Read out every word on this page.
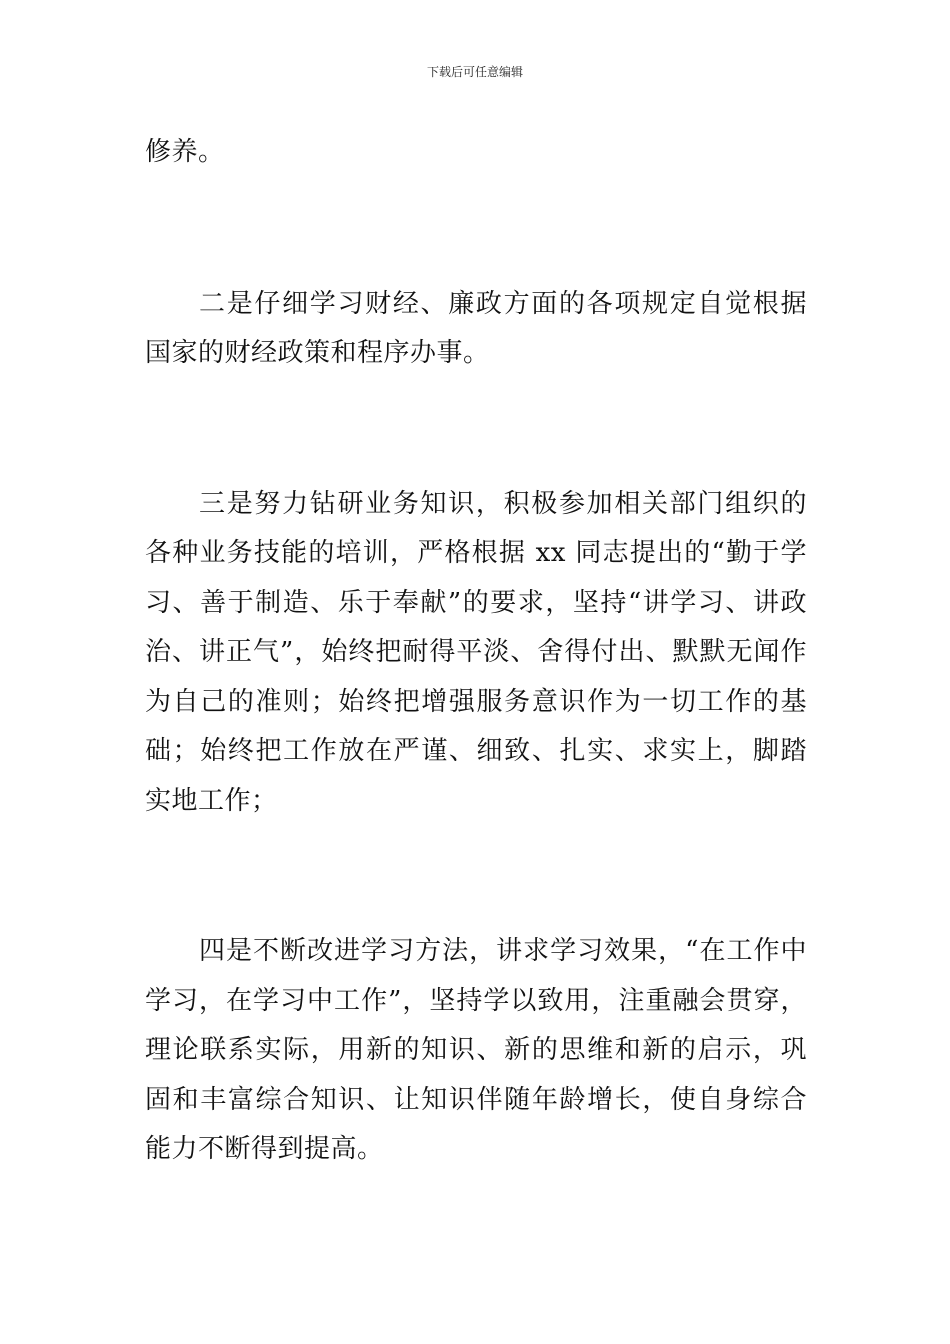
下载后可任意编辑

修养。

二是仔细学习财经、廉政方面的各项规定自觉根据国家的财经政策和程序办事。

三是努力钻研业务知识，积极参加相关部门组织的各种业务技能的培训，严格根据 xx 同志提出的“勤于学习、善于制造、乐于奉献”的要求，坚持“讲学习、讲政治、讲正气”，始终把耐得平淡、舍得付出、默默无闻作为自己的准则；始终把增强服务意识作为一切工作的基础；始终把工作放在严谨、细致、扎实、求实上，脚踏实地工作；

四是不断改进学习方法，讲求学习效果，“在工作中学习，在学习中工作”，坚持学以致用，注重融会贯穿，理论联系实际，用新的知识、新的思维和新的启示，巩固和丰富综合知识、让知识伴随年龄增长，使自身综合能力不断得到提高。
